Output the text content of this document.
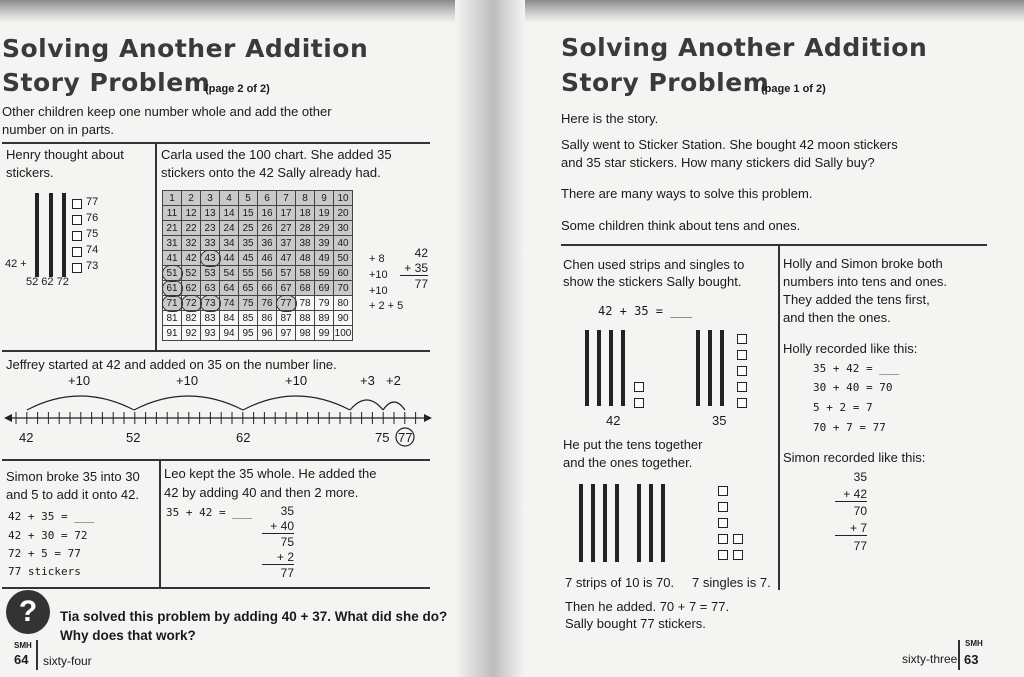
Solving Another Addition
Story Problem
(page 2 of 2)
Other children keep one number whole and add the other
number on in parts.
Henry thought about
stickers.
42 +
52 62 72
77
76
75
74
73
Carla used the 100 chart. She added 35
stickers onto the 42 Sally already had.
1	2	3	4	5	6	7	8	9	10
11	12	13	14	15	16	17	18	19	20
21	22	23	24	25	26	27	28	29	30
31	32	33	34	35	36	37	38	39	40
41	42	43	44	45	46	47	48	49	50
51	52	53	54	55	56	57	58	59	60
61	62	63	64	65	66	67	68	69	70
71	72	73	74	75	76	77	78	79	80
81	82	83	84	85	86	87	88	89	90
91	92	93	94	95	96	97	98	99	100
+ 8
+10
+10
+ 2 + 5
42
+ 35
77
Jeffrey started at 42 and added on 35 on the number line.
+10	+10	+10	+3 +2
42	52	62	75 77
Simon broke 35 into 30
and 5 to add it onto 42.
42 + 35 = ___
42 + 30 = 72
72 + 5 = 77
77 stickers
Leo kept the 35 whole. He added the
42 by adding 40 and then 2 more.
35 + 42 = ___	35
+ 40
75
+ 2
77
?	Tia solved this problem by adding 40 + 37. What did she do?
Why does that work?
SMH
64 sixty-four
Solving Another Addition
Story Problem
(page 1 of 2)
Here is the story.
Sally went to Sticker Station. She bought 42 moon stickers
and 35 star stickers. How many stickers did Sally buy?
There are many ways to solve this problem.
Some children think about tens and ones.
Chen used strips and singles to
show the stickers Sally bought.
42 + 35 = ___
42	35
He put the tens together
and the ones together.
7 strips of 10 is 70. 7 singles is 7.
Then he added. 70 + 7 = 77.
Sally bought 77 stickers.
Holly and Simon broke both
numbers into tens and ones.
They added the tens first,
and then the ones.
Holly recorded like this:
35 + 42 = ___
30 + 40 = 70
5 + 2 = 7
70 + 7 = 77
Simon recorded like this:
35
+ 42
70
+ 7
77
sixty-three
SMH
63
